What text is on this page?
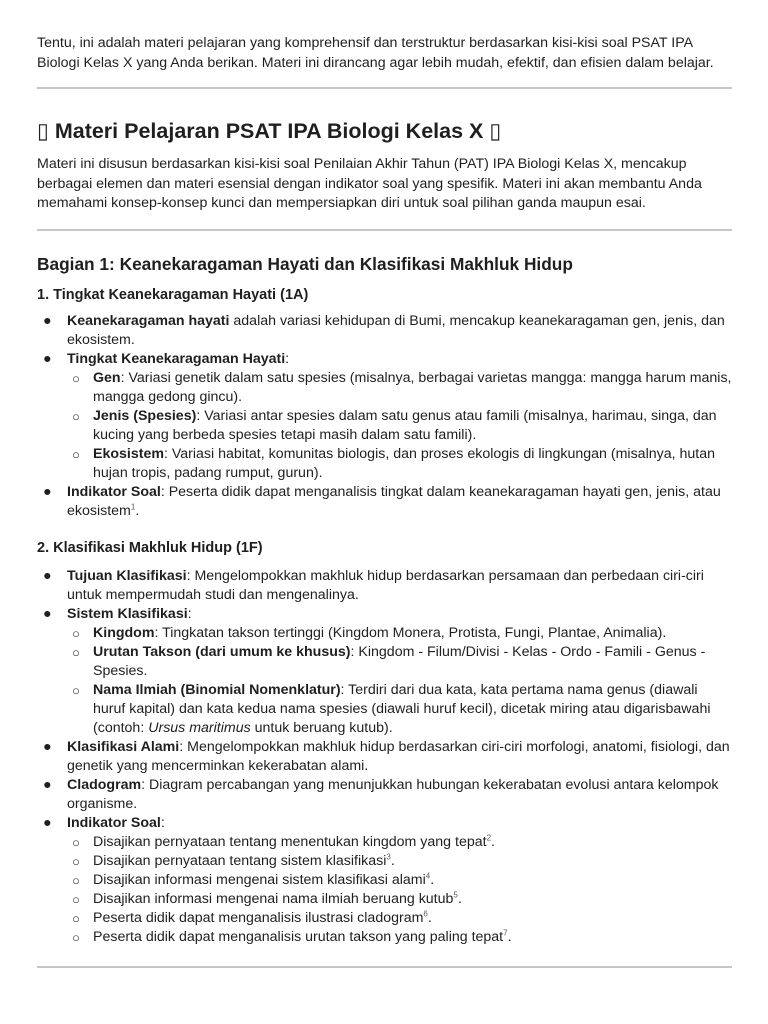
Tentu, ini adalah materi pelajaran yang komprehensif dan terstruktur berdasarkan kisi-kisi soal PSAT IPA Biologi Kelas X yang Anda berikan. Materi ini dirancang agar lebih mudah, efektif, dan efisien dalam belajar.

▯ Materi Pelajaran PSAT IPA Biologi Kelas X ▯

Materi ini disusun berdasarkan kisi-kisi soal Penilaian Akhir Tahun (PAT) IPA Biologi Kelas X, mencakup berbagai elemen dan materi esensial dengan indikator soal yang spesifik. Materi ini akan membantu Anda memahami konsep-konsep kunci dan mempersiapkan diri untuk soal pilihan ganda maupun esai.

Bagian 1: Keanekaragaman Hayati dan Klasifikasi Makhluk Hidup
1. Tingkat Keanekaragaman Hayati (1A)
● Keanekaragaman hayati adalah variasi kehidupan di Bumi, mencakup keanekaragaman gen, jenis, dan ekosistem.
● Tingkat Keanekaragaman Hayati:
○ Gen: Variasi genetik dalam satu spesies (misalnya, berbagai varietas mangga: mangga harum manis, mangga gedong gincu).
○ Jenis (Spesies): Variasi antar spesies dalam satu genus atau famili (misalnya, harimau, singa, dan kucing yang berbeda spesies tetapi masih dalam satu famili).
○ Ekosistem: Variasi habitat, komunitas biologis, dan proses ekologis di lingkungan (misalnya, hutan hujan tropis, padang rumput, gurun).
● Indikator Soal: Peserta didik dapat menganalisis tingkat dalam keanekaragaman hayati gen, jenis, atau ekosistem$^1$.
2. Klasifikasi Makhluk Hidup (1F)
● Tujuan Klasifikasi: Mengelompokkan makhluk hidup berdasarkan persamaan dan perbedaan ciri-ciri untuk mempermudah studi dan mengenalinya.
● Sistem Klasifikasi:
○ Kingdom: Tingkatan takson tertinggi (Kingdom Monera, Protista, Fungi, Plantae, Animalia).
○ Urutan Takson (dari umum ke khusus): Kingdom - Filum/Divisi - Kelas - Ordo - Famili - Genus - Spesies.
○ Nama Ilmiah (Binomial Nomenklatur): Terdiri dari dua kata, kata pertama nama genus (diawali huruf kapital) dan kata kedua nama spesies (diawali huruf kecil), dicetak miring atau digarisbawahi (contoh: Ursus maritimus untuk beruang kutub).
● Klasifikasi Alami: Mengelompokkan makhluk hidup berdasarkan ciri-ciri morfologi, anatomi, fisiologi, dan genetik yang mencerminkan kekerabatan alami.
● Cladogram: Diagram percabangan yang menunjukkan hubungan kekerabatan evolusi antara kelompok organisme.
● Indikator Soal:
○ Disajikan pernyataan tentang menentukan kingdom yang tepat$^2$.
○ Disajikan pernyataan tentang sistem klasifikasi$^3$.
○ Disajikan informasi mengenai sistem klasifikasi alami$^4$.
○ Disajikan informasi mengenai nama ilmiah beruang kutub$^5$.
○ Peserta didik dapat menganalisis ilustrasi cladogram$^6$.
○ Peserta didik dapat menganalisis urutan takson yang paling tepat$^7$.
